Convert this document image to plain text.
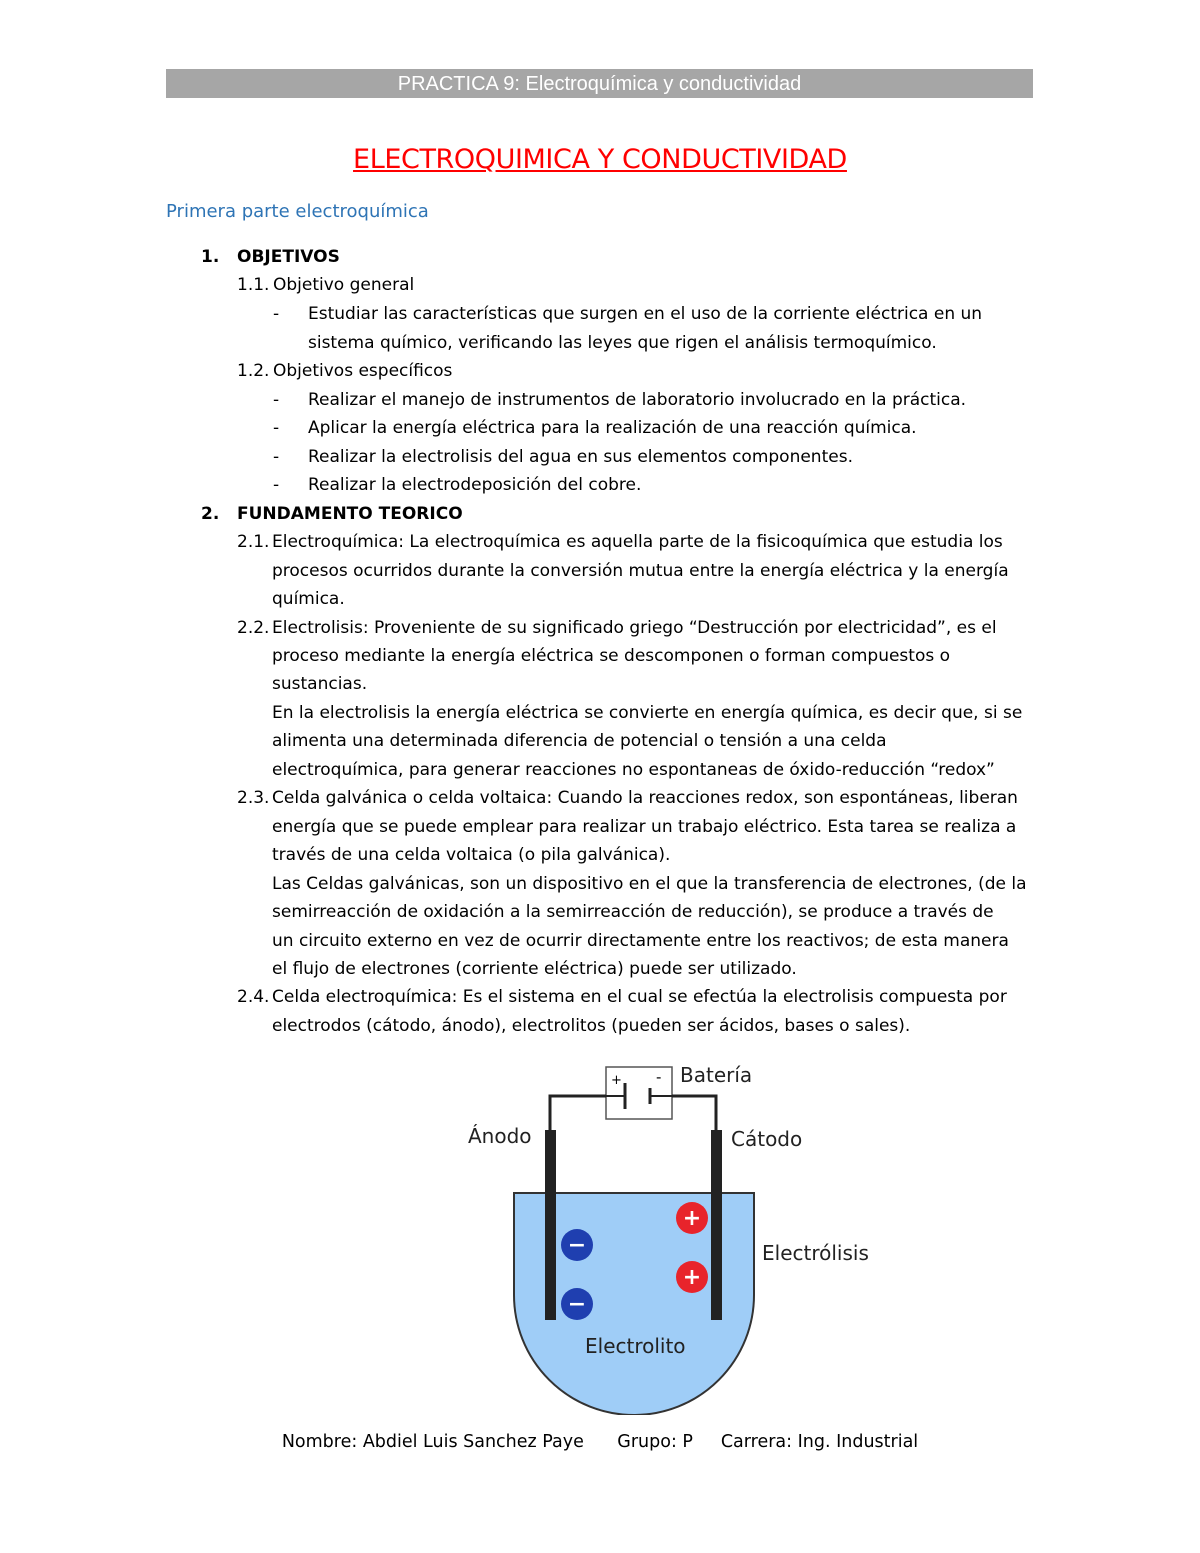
PRACTICA 9: Electroquímica y conductividad
ELECTROQUIMICA Y CONDUCTIVIDAD
Primera parte electroquímica
1. OBJETIVOS
1.1. Objetivo general
- Estudiar las características que surgen en el uso de la corriente eléctrica en un
sistema químico, verificando las leyes que rigen el análisis termoquímico.
1.2. Objetivos específicos
- Realizar el manejo de instrumentos de laboratorio involucrado en la práctica.
- Aplicar la energía eléctrica para la realización de una reacción química.
- Realizar la electrolisis del agua en sus elementos componentes.
- Realizar la electrodeposición del cobre.
2. FUNDAMENTO TEORICO
2.1. Electroquímica: La electroquímica es aquella parte de la fisicoquímica que estudia los
procesos ocurridos durante la conversión mutua entre la energía eléctrica y la energía
química.
2.2. Electrolisis: Proveniente de su significado griego “Destrucción por electricidad”, es el
proceso mediante la energía eléctrica se descomponen o forman compuestos o
sustancias.
En la electrolisis la energía eléctrica se convierte en energía química, es decir que, si se
alimenta una determinada diferencia de potencial o tensión a una celda
electroquímica, para generar reacciones no espontaneas de óxido-reducción “redox”
2.3. Celda galvánica o celda voltaica: Cuando la reacciones redox, son espontáneas, liberan
energía que se puede emplear para realizar un trabajo eléctrico. Esta tarea se realiza a
través de una celda voltaica (o pila galvánica).
Las Celdas galvánicas, son un dispositivo en el que la transferencia de electrones, (de la
semirreacción de oxidación a la semirreacción de reducción), se produce a través de
un circuito externo en vez de ocurrir directamente entre los reactivos; de esta manera
el flujo de electrones (corriente eléctrica) puede ser utilizado.
2.4. Celda electroquímica: Es el sistema en el cual se efectúa la electrolisis compuesta por
electrodos (cátodo, ánodo), electrolitos (pueden ser ácidos, bases o sales).
+ -
−
−
+
+
Batería
Ánodo	Cátodo
Electrólisis
Electrolito
Nombre: Abdiel Luis Sanchez Paye Grupo: P Carrera: Ing. Industrial
